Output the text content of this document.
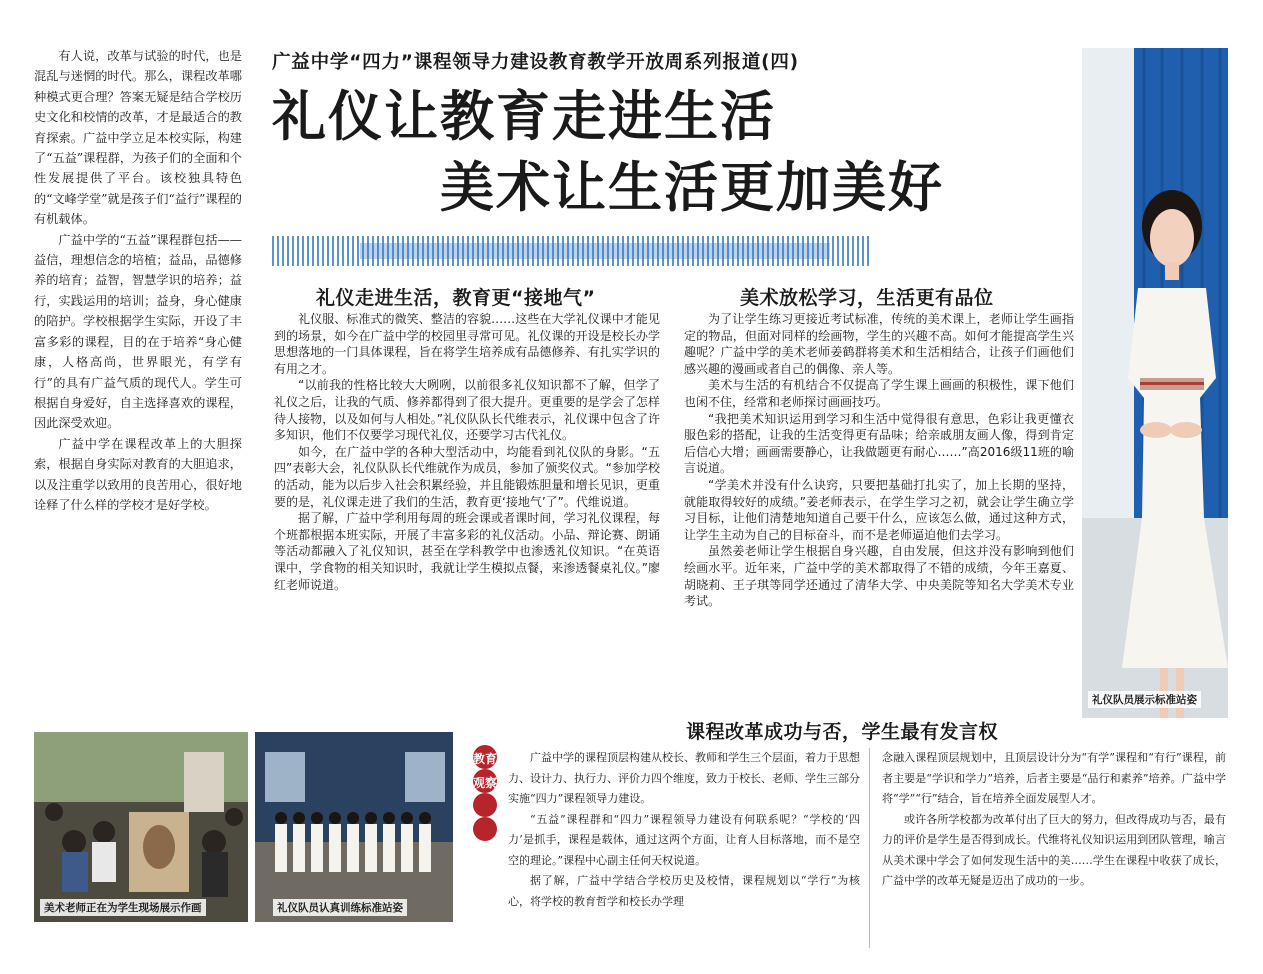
广益中学“四力”课程领导力建设教育教学开放周系列报道(四)
礼仪让教育走进生活
美术让生活更加美好

有人说，改革与试验的时代，也是混乱与迷惘的时代。那么，课程改革哪种模式更合理？答案无疑是结合学校历史文化和校情的改革，才是最适合的教育探索。广益中学立足本校实际，构建了“五益”课程群，为孩子们的全面和个性发展提供了平台。该校独具特色的“文峰学堂”就是孩子们“益行”课程的有机载体。

广益中学的“五益”课程群包括——益信，理想信念的培植；益品，品德修养的培育；益智，智慧学识的培养；益行，实践运用的培训；益身，身心健康的陪护。学校根据学生实际，开设了丰富多彩的课程，目的在于培养“身心健康，人格高尚，世界眼光，有学有行”的具有广益气质的现代人。学生可根据自身爱好，自主选择喜欢的课程，因此深受欢迎。

广益中学在课程改革上的大胆探索，根据自身实际对教育的大胆追求，以及注重学以致用的良苦用心，很好地诠释了什么样的学校才是好学校。

礼仪走进生活，教育更“接地气”

礼仪服、标准式的微笑、整洁的容貌……这些在大学礼仪课中才能见到的场景，如今在广益中学的校园里寻常可见。礼仪课的开设是校长办学思想落地的一门具体课程，旨在将学生培养成有品德修养、有扎实学识的有用之才。

“以前我的性格比较大大咧咧，以前很多礼仪知识都不了解，但学了礼仪之后，让我的气质、修养都得到了很大提升。更重要的是学会了怎样待人接物，以及如何与人相处。”礼仪队队长代维表示，礼仪课中包含了许多知识，他们不仅要学习现代礼仪，还要学习古代礼仪。

如今，在广益中学的各种大型活动中，均能看到礼仪队的身影。“五四”表彰大会，礼仪队队长代维就作为成员，参加了颁奖仪式。“参加学校的活动，能为以后步入社会积累经验，并且能锻炼胆量和增长见识，更重要的是，礼仪课走进了我们的生活，教育更‘接地气’了”。代维说道。

据了解，广益中学利用每周的班会课或者课时间，学习礼仪课程，每个班都根据本班实际，开展了丰富多彩的礼仪活动。小品、辩论赛、朗诵等活动都融入了礼仪知识，甚至在学科教学中也渗透礼仪知识。“在英语课中，学食物的相关知识时，我就让学生模拟点餐，来渗透餐桌礼仪。”廖红老师说道。

美术放松学习，生活更有品位

为了让学生练习更接近考试标准，传统的美术课上，老师让学生画指定的物品，但面对同样的绘画物，学生的兴趣不高。如何才能提高学生兴趣呢？广益中学的美术老师姜鹤群将美术和生活相结合，让孩子们画他们感兴趣的漫画或者自己的偶像、亲人等。

美术与生活的有机结合不仅提高了学生课上画画的积极性，课下他们也闲不住，经常和老师探讨画画技巧。

“我把美术知识运用到学习和生活中觉得很有意思，色彩让我更懂衣服色彩的搭配，让我的生活变得更有品味；给亲戚朋友画人像，得到肯定后信心大增；画画需要静心，让我做题更有耐心……”高2016级11班的喻言说道。

“学美术并没有什么诀窍，只要把基础打扎实了，加上长期的坚持，就能取得较好的成绩。”姜老师表示，在学生学习之初，就会让学生确立学习目标，让他们清楚地知道自己要干什么，应该怎么做，通过这种方式，让学生主动为自己的目标奋斗，而不是老师逼迫他们去学习。

虽然姜老师让学生根据自身兴趣，自由发展，但这并没有影响到他们绘画水平。近年来，广益中学的美术都取得了不错的成绩，今年王嘉夏、胡晓莉、王子琪等同学还通过了清华大学、中央美院等知名大学美术专业考试。

礼仪队员展示标准站姿
课程改革成功与否，学生最有发言权
教育观察

广益中学的课程顶层构建从校长、教师和学生三个层面，着力于思想力、设计力、执行力、评价力四个维度，致力于校长、老师、学生三部分实施“四力”课程领导力建设。

“五益”课程群和“四力”课程领导力建设有何联系呢？“学校的‘四力’是抓手，课程是载体，通过这两个方面，让育人目标落地，而不是空空的理论。”课程中心副主任何天权说道。

据了解，广益中学结合学校历史及校情，课程规划以“学行”为核心，将学校的教育哲学和校长办学理

念融入课程顶层规划中，且顶层设计分为“有学”课程和“有行”课程，前者主要是“学识和学力”培养，后者主要是“品行和素养”培养。广益中学将“学”“行”结合，旨在培养全面发展型人才。

或许各所学校都为改革付出了巨大的努力，但改得成功与否，最有力的评价是学生是否得到成长。代维将礼仪知识运用到团队管理，喻言从美术课中学会了如何发现生活中的美……学生在课程中收获了成长，广益中学的改革无疑是迈出了成功的一步。

美术老师正在为学生现场展示作画	礼仪队员认真训练标准站姿
